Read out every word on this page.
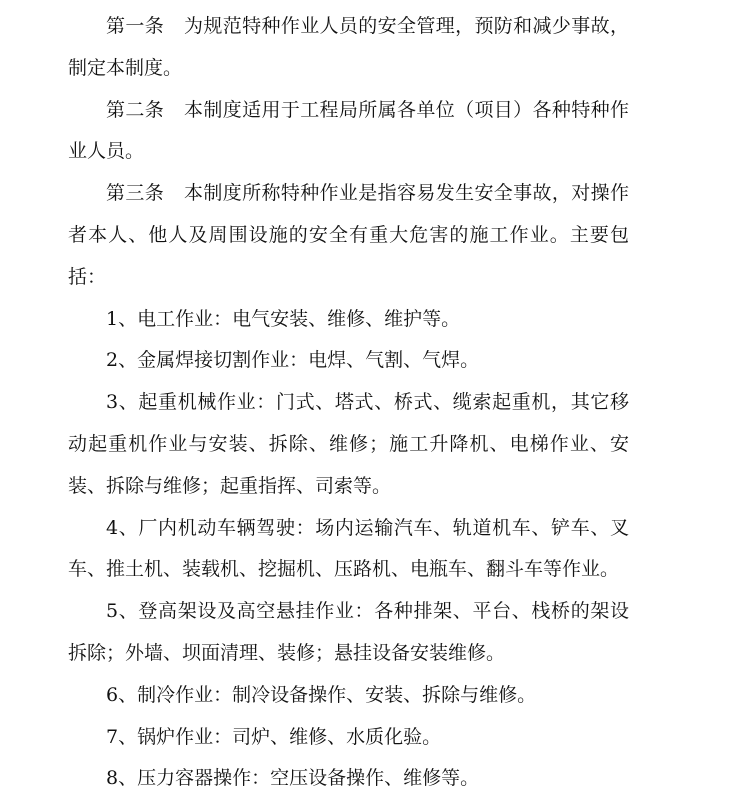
第一条 为规范特种作业人员的安全管理，预防和减少事故，制定本制度。

第二条 本制度适用于工程局所属各单位（项目）各种特种作业人员。

第三条 本制度所称特种作业是指容易发生安全事故，对操作者本人、他人及周围设施的安全有重大危害的施工作业。主要包括：

1、电工作业：电气安装、维修、维护等。

2、金属焊接切割作业：电焊、气割、气焊。

3、起重机械作业：门式、塔式、桥式、缆索起重机，其它移动起重机作业与安装、拆除、维修；施工升降机、电梯作业、安装、拆除与维修；起重指挥、司索等。

4、厂内机动车辆驾驶：场内运输汽车、轨道机车、铲车、叉车、推土机、装载机、挖掘机、压路机、电瓶车、翻斗车等作业。

5、登高架设及高空悬挂作业：各种排架、平台、栈桥的架设拆除；外墙、坝面清理、装修；悬挂设备安装维修。

6、制冷作业：制冷设备操作、安装、拆除与维修。

7、锅炉作业：司炉、维修、水质化验。

8、压力容器操作：空压设备操作、维修等。
